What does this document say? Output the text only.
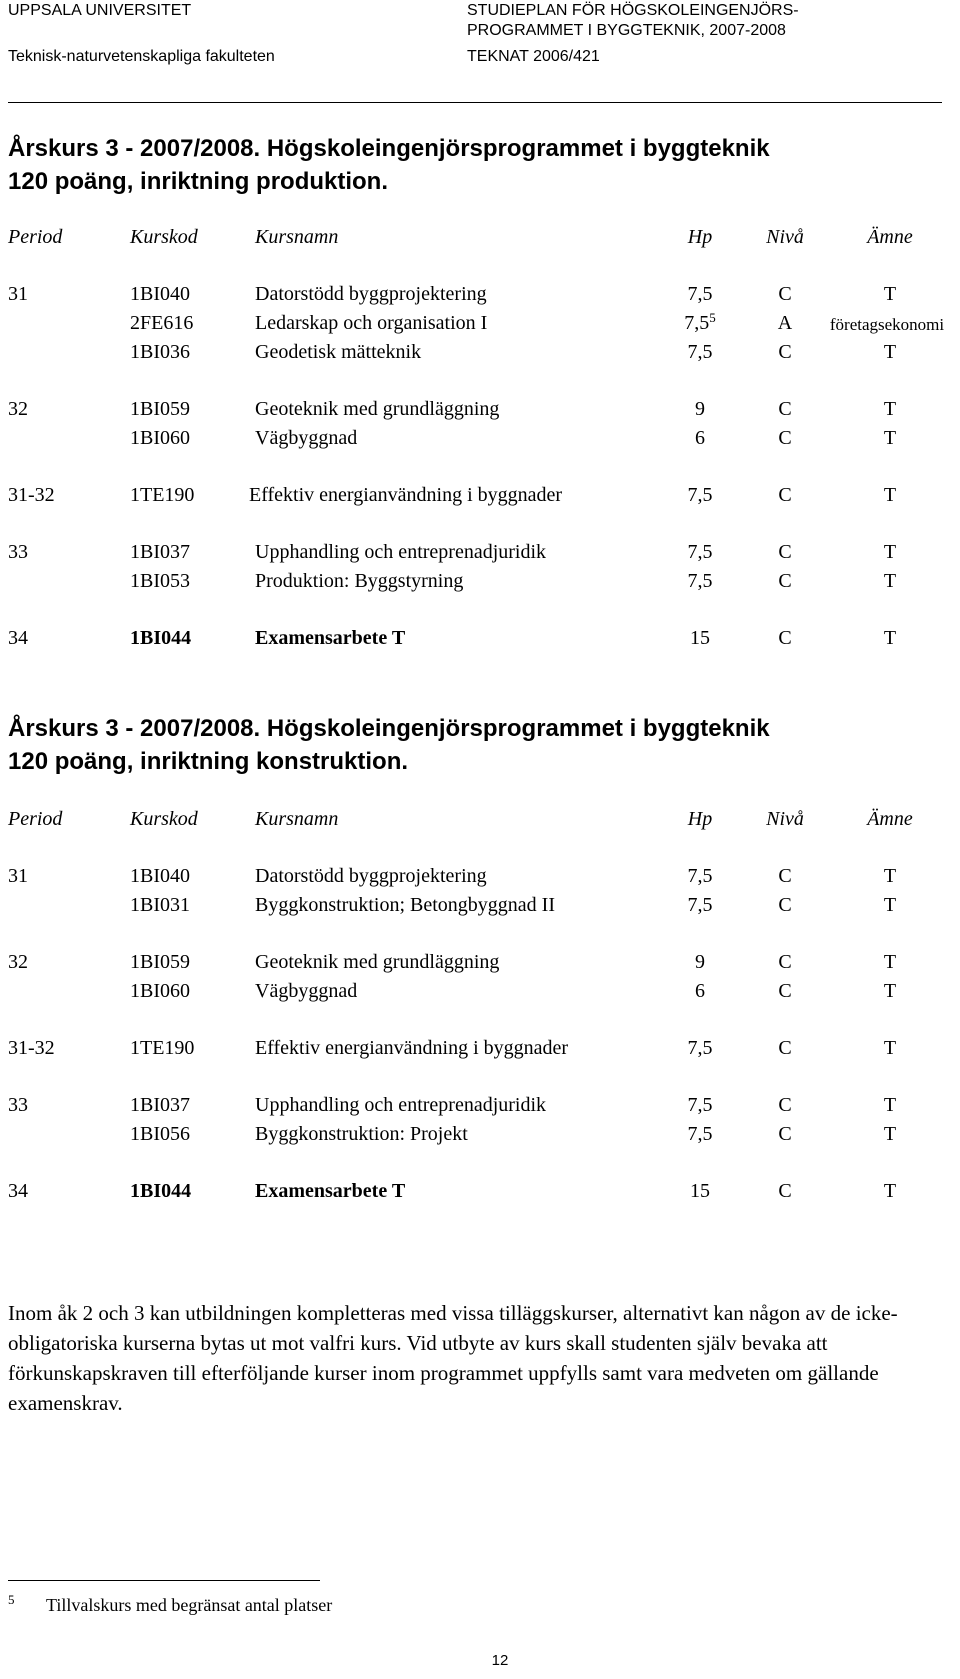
UPPSALA UNIVERSITET
Teknisk-naturvetenskapliga fakulteten
STUDIEPLAN FÖR HÖGSKOLEINGENJÖRS-
PROGRAMMET I BYGGTEKNIK, 2007-2008
TEKNAT 2006/421
Årskurs 3 - 2007/2008. Högskoleingenjörsprogrammet i byggteknik
120 poäng, inriktning produktion.
Period	Kurskod	Kursnamn	Hp	Nivå	Ämne
31	1BI040	Datorstödd byggprojektering	7,5	C	T
2FE616	Ledarskap och organisation I	$7,5^5$	A	företagsekonomi
1BI036	Geodetisk mätteknik	7,5	C	T
32	1BI059	Geoteknik med grundläggning	9	C	T
1BI060	Vägbyggnad	6	C	T
31-32	1TE190	Effektiv energianvändning i byggnader	7,5	C	T
33	1BI037	Upphandling och entreprenadjuridik	7,5	C	T
1BI053	Produktion: Byggstyrning	7,5	C	T
34	1BI044	Examensarbete T	15	C	T
Årskurs 3 - 2007/2008. Högskoleingenjörsprogrammet i byggteknik
120 poäng, inriktning konstruktion.
Period	Kurskod	Kursnamn	Hp	Nivå	Ämne
31	1BI040	Datorstödd byggprojektering	7,5	C	T
1BI031	Byggkonstruktion; Betongbyggnad II	7,5	C	T
32	1BI059	Geoteknik med grundläggning	9	C	T
1BI060	Vägbyggnad	6	C	T
31-32	1TE190	Effektiv energianvändning i byggnader	7,5	C	T
33	1BI037	Upphandling och entreprenadjuridik	7,5	C	T
1BI056	Byggkonstruktion: Projekt	7,5	C	T
34	1BI044	Examensarbete T	15	C	T
Inom åk 2 och 3 kan utbildningen kompletteras med vissa tilläggskurser, alternativt kan någon av de icke-obligatoriska kurserna bytas ut mot valfri kurs. Vid utbyte av kurs skall studenten själv bevaka att förkunskapskraven till efterföljande kurser inom programmet uppfylls samt vara medveten om gällande examenskrav.
5 Tillvalskurs med begränsat antal platser
12
